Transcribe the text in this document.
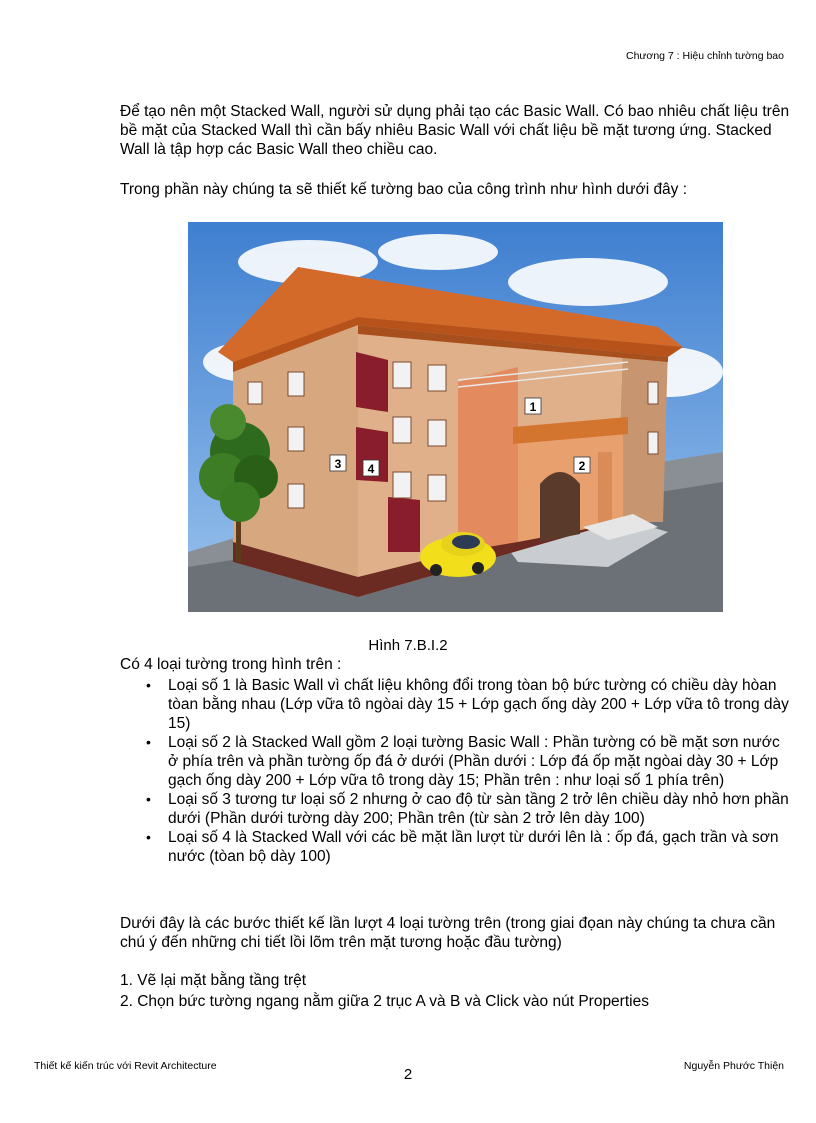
Chương 7 : Hiệu chỉnh tường bao

Để tạo nên một Stacked Wall, người sử dụng phải tạo các Basic Wall. Có bao nhiêu chất liệu trên bề mặt của Stacked Wall thì cần bấy nhiêu Basic Wall với chất liệu bề mặt tương ứng. Stacked Wall là tập hợp các Basic Wall theo chiều cao.

Trong phần này chúng ta sẽ thiết kế tường bao của công trình như hình dưới đây :

1
2
3 4
Hình 7.B.I.2
Có 4 loại tường trong hình trên :
• Loại số 1 là Basic Wall vì chất liệu không đổi trong tòan bộ bức tường có chiều dày hòan tòan bằng nhau (Lớp vữa tô ngòai dày 15 + Lớp gạch ống dày 200 + Lớp vữa tô trong dày 15)
• Loại số 2 là Stacked Wall gồm 2 loại tường Basic Wall : Phần tường có bề mặt sơn nước ở phía trên và phần tường ốp đá ở dưới (Phần dưới : Lớp đá ốp mặt ngòai dày 30 + Lớp gạch ống dày 200 + Lớp vữa tô trong dày 15; Phần trên : như loại số 1 phía trên)
• Loại số 3 tương tư loại số 2 nhưng ở cao độ từ sàn tầng 2 trở lên chiều dày nhỏ hơn phần dưới (Phần dưới tường dày 200; Phần trên (từ sàn 2 trở lên dày 100)
• Loại số 4 là Stacked Wall với các bề mặt lần lượt từ dưới lên là : ốp đá, gạch trần và sơn nước (tòan bộ dày 100)

Dưới đây là các bước thiết kế lần lượt 4 loại tường trên (trong giai đọan này chúng ta chưa cần chú ý đến những chi tiết lồi lõm trên mặt tương hoặc đầu tường)

1. Vẽ lại mặt bằng tầng trệt
2. Chọn bức tường ngang nằm giữa 2 trục A và B và Click vào nút Properties
Thiết kế kiến trúc với Revit Architecture	2	Nguyễn Phước Thiện
